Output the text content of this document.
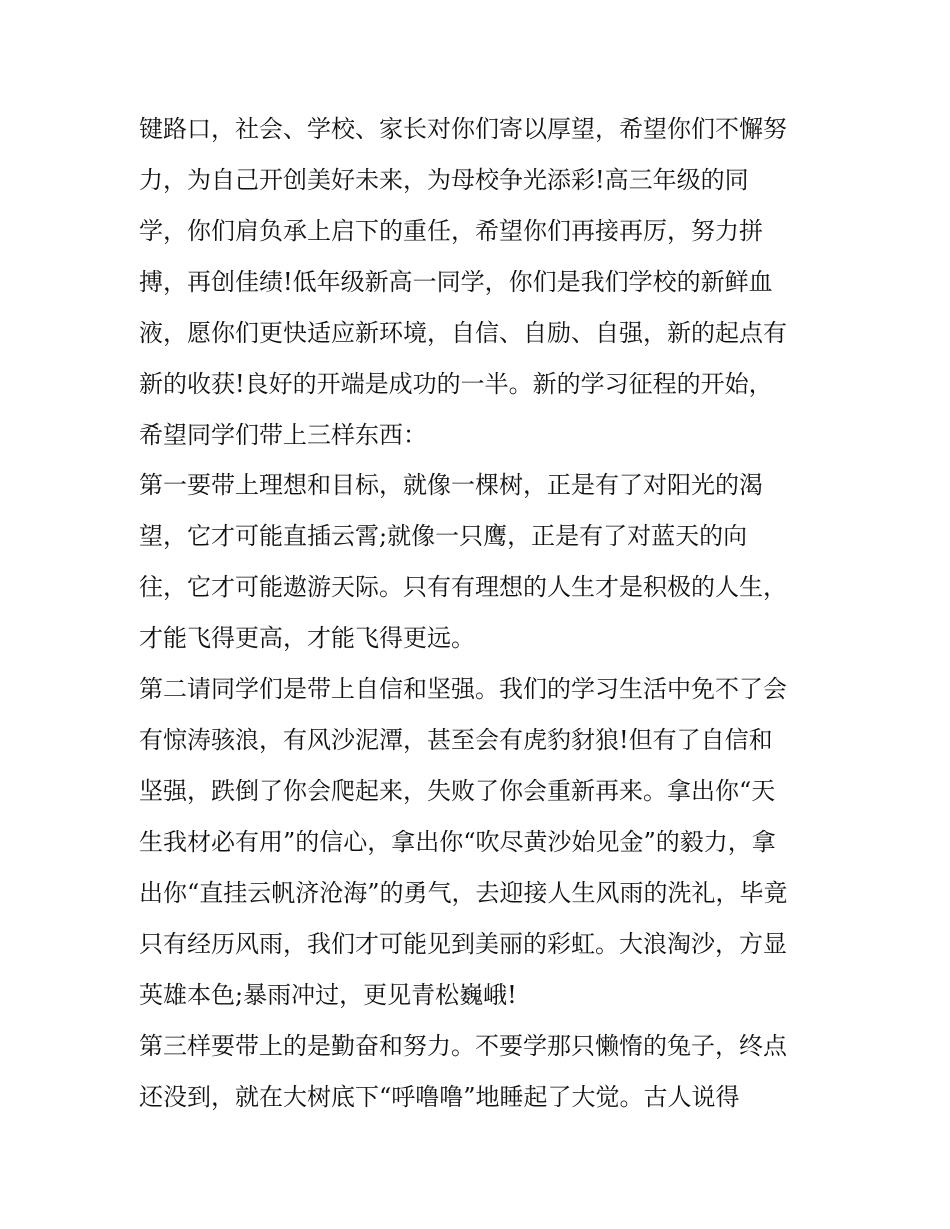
键路口，社会、学校、家长对你们寄以厚望，希望你们不懈努
力，为自己开创美好未来，为母校争光添彩!高三年级的同
学，你们肩负承上启下的重任，希望你们再接再厉，努力拼
搏，再创佳绩!低年级新高一同学，你们是我们学校的新鲜血
液，愿你们更快适应新环境，自信、自励、自强，新的起点有
新的收获!良好的开端是成功的一半。新的学习征程的开始，
希望同学们带上三样东西：
第一要带上理想和目标，就像一棵树，正是有了对阳光的渴
望，它才可能直插云霄;就像一只鹰，正是有了对蓝天的向
往，它才可能遨游天际。只有有理想的人生才是积极的人生，
才能飞得更高，才能飞得更远。
第二请同学们是带上自信和坚强。我们的学习生活中免不了会
有惊涛骇浪，有风沙泥潭，甚至会有虎豹豺狼!但有了自信和
坚强，跌倒了你会爬起来，失败了你会重新再来。拿出你“天
生我材必有用”的信心，拿出你“吹尽黄沙始见金”的毅力，拿
出你“直挂云帆济沧海”的勇气，去迎接人生风雨的洗礼，毕竟
只有经历风雨，我们才可能见到美丽的彩虹。大浪淘沙，方显
英雄本色;暴雨冲过，更见青松巍峨!
第三样要带上的是勤奋和努力。不要学那只懒惰的兔子，终点
还没到，就在大树底下“呼噜噜”地睡起了大觉。古人说得
